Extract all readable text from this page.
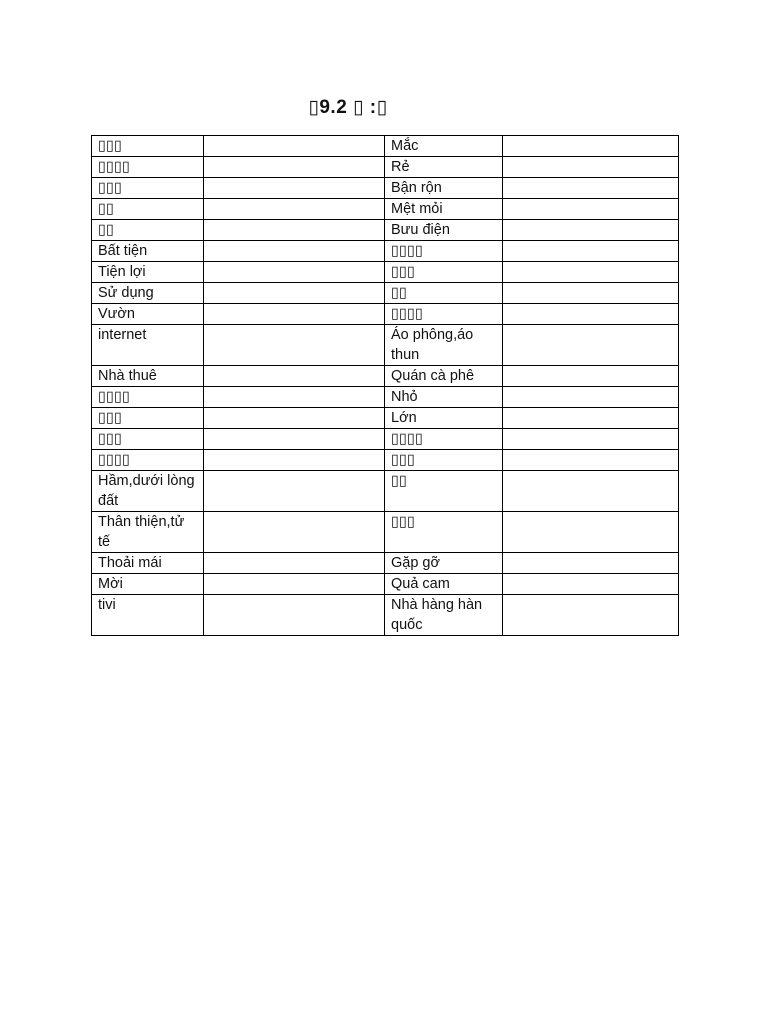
▯9.2 ▯ :▯
▯▯▯		Mắc	
▯▯▯▯		Rẻ	
▯▯▯		Bận rộn	
▯▯		Mệt mỏi	
▯▯		Bưu điện	
Bất tiện		▯▯▯▯	
Tiện lợi		▯▯▯	
Sử dụng		▯▯	
Vườn		▯▯▯▯	
internet		Áo phông,áo thun	
Nhà thuê		Quán cà phê	
▯▯▯▯		Nhỏ	
▯▯▯		Lớn	
▯▯▯		▯▯▯▯	
▯▯▯▯		▯▯▯	
Hầm,dưới lòng đất		▯▯	
Thân thiện,tử tế		▯▯▯	
Thoải mái		Gặp gỡ	
Mời		Quả cam	
tivi		Nhà hàng hàn quốc	
